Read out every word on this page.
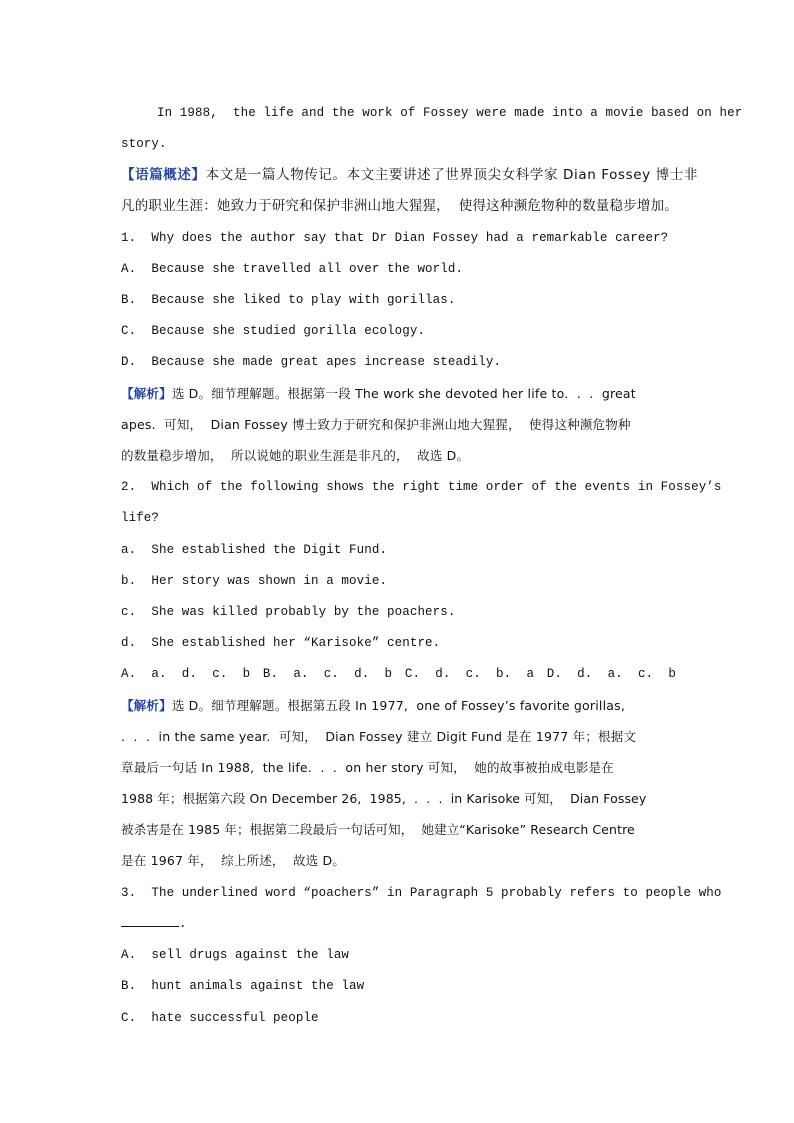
In 1988,  the life and the work of Fossey were made into a movie based on her

story.

【语篇概述】本文是一篇人物传记。本文主要讲述了世界顶尖女科学家 Dian Fossey 博士非

凡的职业生涯：她致力于研究和保护非洲山地大猩猩，  使得这种濒危物种的数量稳步增加。

1.  Why does the author say that Dr Dian Fossey had a remarkable career?

A.  Because she travelled all over the world.

B.  Because she liked to play with gorillas.

C.  Because she studied gorilla ecology.

D.  Because she made great apes increase steadily.

【解析】选 D。细节理解题。根据第一段 The work she devoted her life to.  .  .  great

apes.  可知，  Dian Fossey 博士致力于研究和保护非洲山地大猩猩，  使得这种濒危物种

的数量稳步增加，  所以说她的职业生涯是非凡的，  故选 D。

2.  Which of the following shows the right time order of the events in Fossey’s

life?

a.  She established the Digit Fund.

b.  Her story was shown in a movie.

c.  She was killed probably by the poachers.

d.  She established her “Karisoke” centre.

A.  a.  d.  c.  b B.  a.  c.  d.  b C.  d.  c.  b.  a D.  d.  a.  c.  b

【解析】选 D。细节理解题。根据第五段 In 1977,  one of Fossey’s favorite gorillas,

.  .  .  in the same year.  可知，  Dian Fossey 建立 Digit Fund 是在 1977 年；根据文

章最后一句话 In 1988,  the life.  .  .  on her story 可知，  她的故事被拍成电影是在

1988 年；根据第六段 On December 26,  1985,  .  .  .  in Karisoke 可知，  Dian Fossey

被杀害是在 1985 年；根据第二段最后一句话可知，  她建立“Karisoke” Research Centre

是在 1967 年，  综上所述，  故选 D。

3.  The underlined word “poachers” in Paragraph 5 probably refers to people who

.

A.  sell drugs against the law

B.  hunt animals against the law

C.  hate successful people
